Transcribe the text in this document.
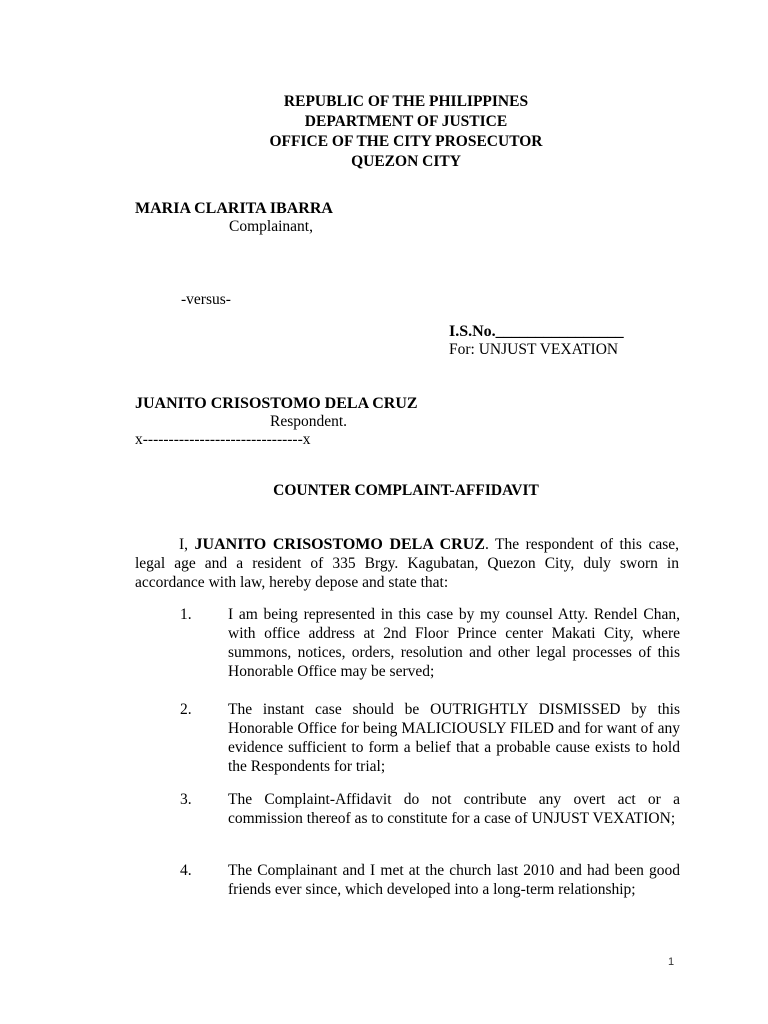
REPUBLIC OF THE PHILIPPINES
DEPARTMENT OF JUSTICE
OFFICE OF THE CITY PROSECUTOR
QUEZON CITY
MARIA CLARITA IBARRA
Complainant,
-versus-
I.S.No.________________
For: UNJUST VEXATION
JUANITO CRISOSTOMO DELA CRUZ
Respondent.
x-------------------------------x
COUNTER COMPLAINT-AFFIDAVIT
I, JUANITO CRISOSTOMO DELA CRUZ. The respondent of this case, legal age and a resident of 335 Brgy. Kagubatan, Quezon City, duly sworn in accordance with law, hereby depose and state that:
1.	I am being represented in this case by my counsel Atty. Rendel Chan, with office address at 2nd Floor Prince center Makati City, where summons, notices, orders, resolution and other legal processes of this Honorable Office may be served;
2.	The instant case should be OUTRIGHTLY DISMISSED by this Honorable Office for being MALICIOUSLY FILED and for want of any evidence sufficient to form a belief that a probable cause exists to hold the Respondents for trial;
3.	The Complaint-Affidavit do not contribute any overt act or a commission thereof as to constitute for a case of UNJUST VEXATION;
4.	The Complainant and I met at the church last 2010 and had been good friends ever since, which developed into a long-term relationship;
1
